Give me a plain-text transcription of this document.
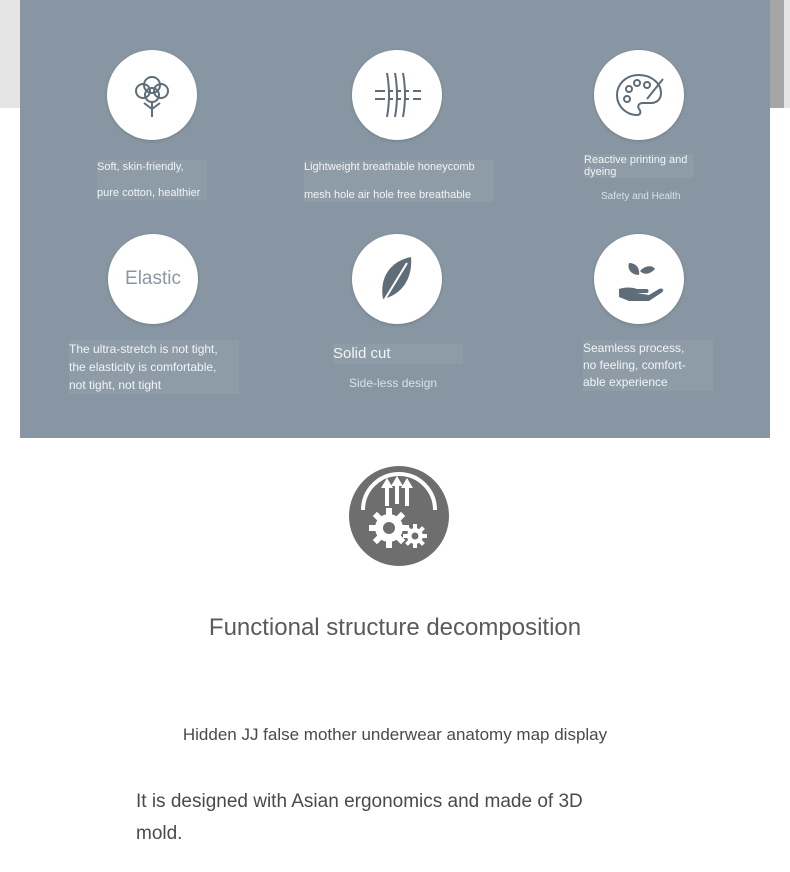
Soft, skin-friendly,
pure cotton, healthier
Lightweight breathable honeycomb
mesh hole air hole free breathable
Reactive printing and
dyeing
Safety and Health
Elastic
The ultra-stretch is not tight,
the elasticity is comfortable,
not tight, not tight
Solid cut
Side-less design
Seamless process,
no feeling, comfort-
able experience
Functional structure decomposition
Hidden JJ false mother underwear anatomy map display
It is designed with Asian ergonomics and made of 3D
mold.
